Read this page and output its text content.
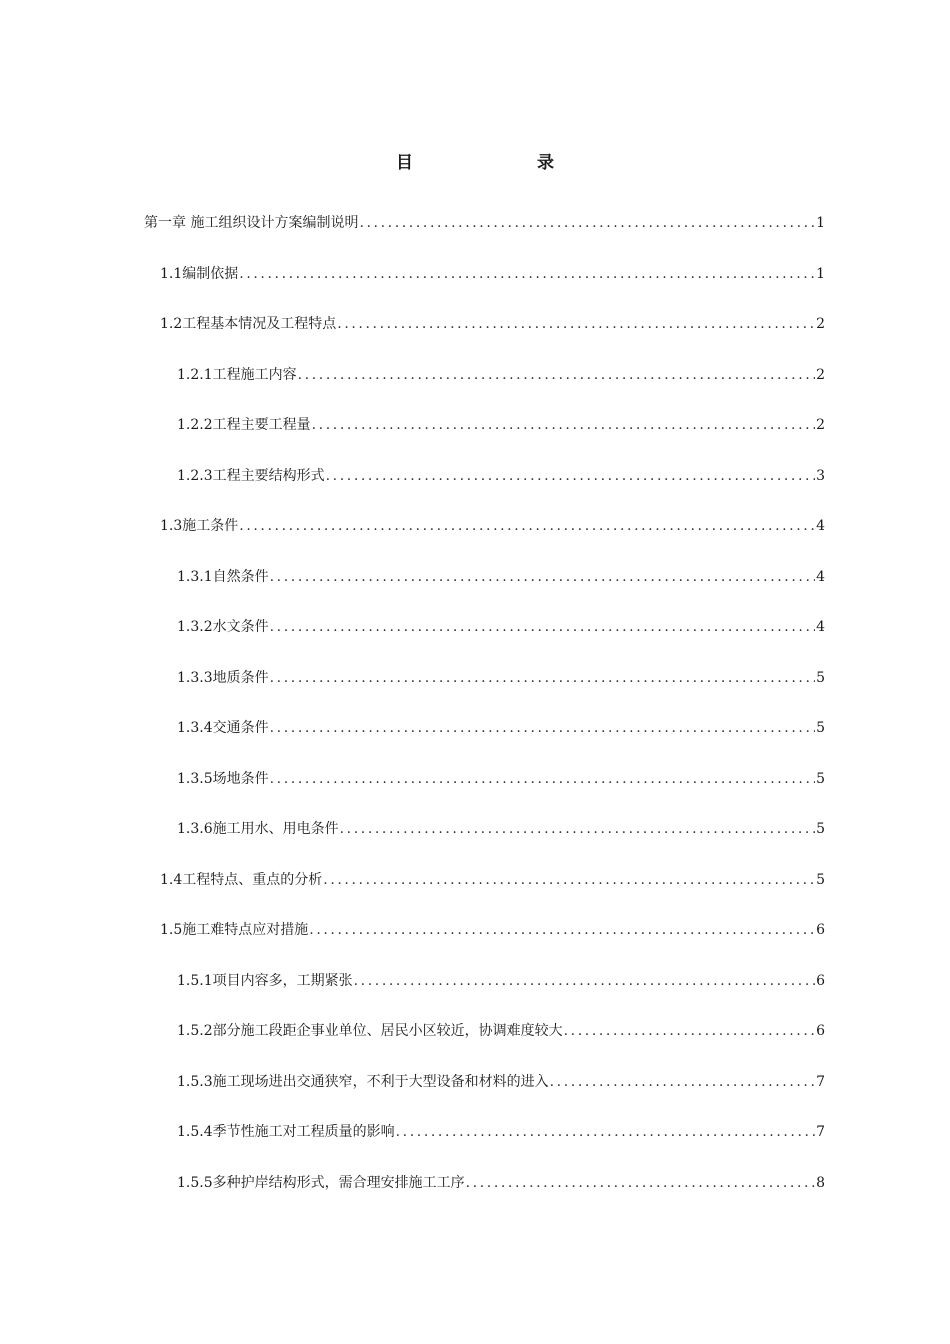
目　　录
第一章 施工组织设计方案编制说明 .....	1
1.1编制依据 .....	1
1.2工程基本情况及工程特点 .....	2
1.2.1工程施工内容 .....	2
1.2.2工程主要工程量 .....	2
1.2.3工程主要结构形式 .....	3
1.3施工条件 .....	4
1.3.1自然条件 .....	4
1.3.2水文条件 .....	4
1.3.3地质条件 .....	5
1.3.4交通条件 .....	5
1.3.5场地条件 .....	5
1.3.6施工用水、用电条件 .....	5
1.4工程特点、重点的分析 .....	5
1.5施工难特点应对措施 .....	6
1.5.1项目内容多，工期紧张 .....	6
1.5.2部分施工段距企事业单位、居民小区较近，协调难度较大 .....	6
1.5.3施工现场进出交通狭窄，不利于大型设备和材料的进入 .....	7
1.5.4季节性施工对工程质量的影响 .....	7
1.5.5多种护岸结构形式，需合理安排施工工序 .....	8
